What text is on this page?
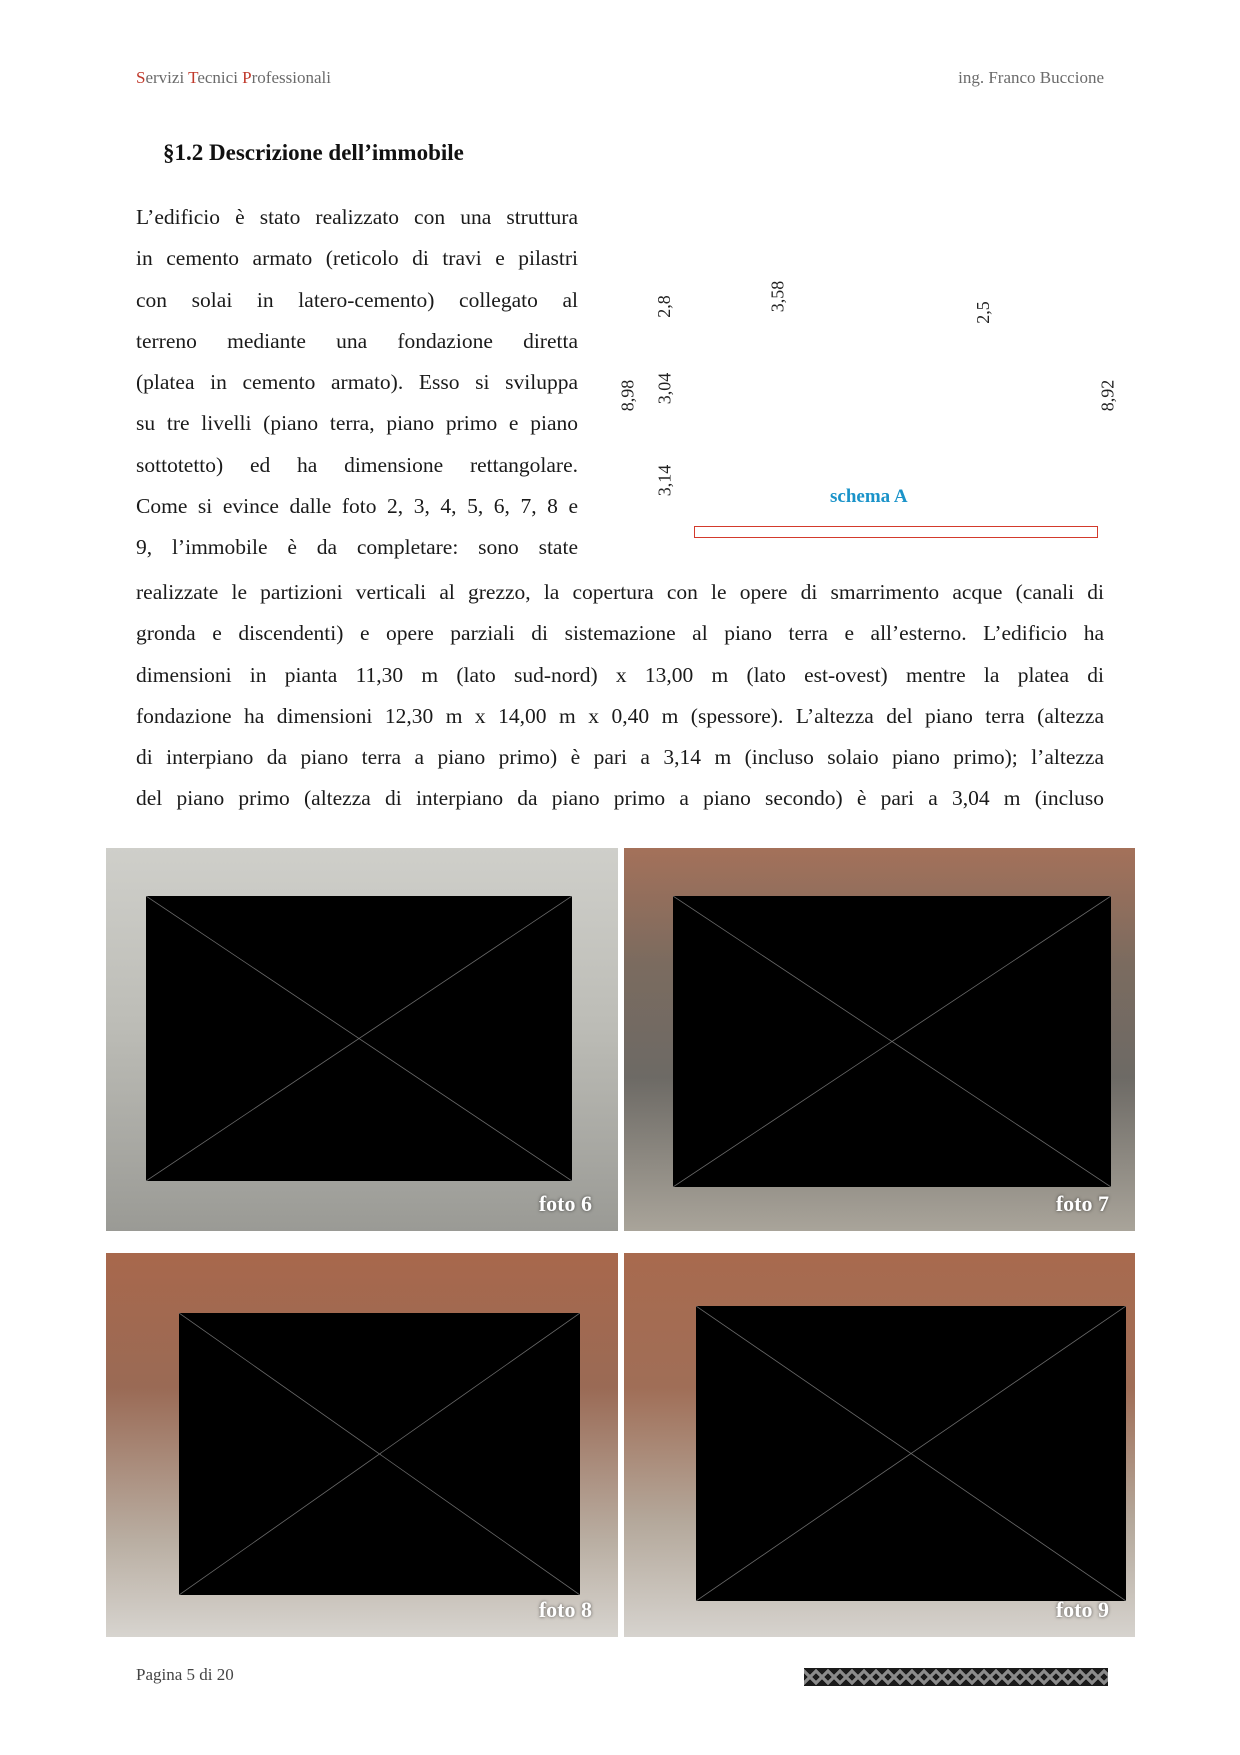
Servizi Tecnici Professionali	ing. Franco Buccione
§1.2 Descrizione dell’immobile
L’edificio è stato realizzato con una struttura
in cemento armato (reticolo di travi e pilastri
con solai in latero-cemento) collegato al
terreno mediante una fondazione diretta
(platea in cemento armato). Esso si sviluppa
su tre livelli (piano terra, piano primo e piano
sottotetto) ed ha dimensione rettangolare.
Come si evince dalle foto 2, 3, 4, 5, 6, 7, 8 e
9, l’immobile è da completare: sono state
8,98
2,8
3,04
3,14
3,58
2,5
8,92
schema A
realizzate le partizioni verticali al grezzo, la copertura con le opere di smarrimento acque (canali di
gronda e discendenti) e opere parziali di sistemazione al piano terra e all’esterno. L’edificio ha
dimensioni in pianta 11,30 m (lato sud-nord) x 13,00 m (lato est-ovest) mentre la platea di
fondazione ha dimensioni 12,30 m x 14,00 m x 0,40 m (spessore). L’altezza del piano terra (altezza
di interpiano da piano terra a piano primo) è pari a 3,14 m (incluso solaio piano primo); l’altezza
del piano primo (altezza di interpiano da piano primo a piano secondo) è pari a 3,04 m (incluso
foto 6	foto 7
foto 8	foto 9
Pagina 5 di 20
